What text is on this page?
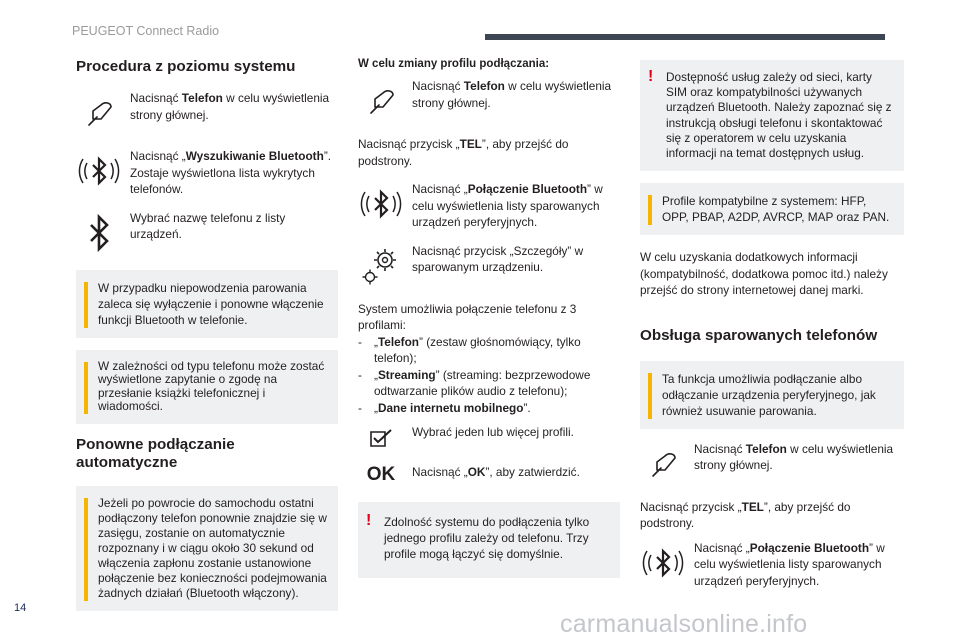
PEUGEOT Connect Radio
Procedura z poziomu systemu
Nacisnąć Telefon w celu wyświetlenia strony głównej.
Nacisnąć „Wyszukiwanie Bluetooth”.
Zostaje wyświetlona lista wykrytych telefonów.
Wybrać nazwę telefonu z listy urządzeń.
W przypadku niepowodzenia parowania zaleca się wyłączenie i ponowne włączenie funkcji Bluetooth w telefonie.
W zależności od typu telefonu może zostać wyświetlone zapytanie o zgodę na przesłanie książki telefonicznej i wiadomości.
Ponowne podłączanie automatyczne
Jeżeli po powrocie do samochodu ostatni podłączony telefon ponownie znajdzie się w zasięgu, zostanie on automatycznie rozpoznany i w ciągu około 30 sekund od włączenia zapłonu zostanie ustanowione połączenie bez konieczności podejmowania żadnych działań (Bluetooth włączony).
W celu zmiany profilu podłączania:
Nacisnąć Telefon w celu wyświetlenia strony głównej.
Nacisnąć przycisk „TEL”, aby przejść do podstrony.
Nacisnąć „Połączenie Bluetooth” w celu wyświetlenia listy sparowanych urządzeń peryferyjnych.
Nacisnąć przycisk „Szczegóły” w sparowanym urządzeniu.
System umożliwia połączenie telefonu z 3 profilami:
- „Telefon” (zestaw głośnomówiący, tylko telefon);
- „Streaming” (streaming: bezprzewodowe odtwarzanie plików audio z telefonu);
- „Dane internetu mobilnego”.
Wybrać jeden lub więcej profili.
OK	Nacisnąć „OK”, aby zatwierdzić.
! Zdolność systemu do podłączenia tylko jednego profilu zależy od telefonu. Trzy profile mogą łączyć się domyślnie.
! Dostępność usług zależy od sieci, karty SIM oraz kompatybilności używanych urządzeń Bluetooth. Należy zapoznać się z instrukcją obsługi telefonu i skontaktować się z operatorem w celu uzyskania informacji na temat dostępnych usług.
Profile kompatybilne z systemem: HFP, OPP, PBAP, A2DP, AVRCP, MAP oraz PAN.
W celu uzyskania dodatkowych informacji (kompatybilność, dodatkowa pomoc itd.) należy przejść do strony internetowej danej marki.
Obsługa sparowanych telefonów
Ta funkcja umożliwia podłączanie albo odłączanie urządzenia peryferyjnego, jak również usuwanie parowania.
Nacisnąć Telefon w celu wyświetlenia strony głównej.
Nacisnąć przycisk „TEL”, aby przejść do podstrony.
Nacisnąć „Połączenie Bluetooth” w celu wyświetlenia listy sparowanych urządzeń peryferyjnych.
14
carmanualsonline.info
